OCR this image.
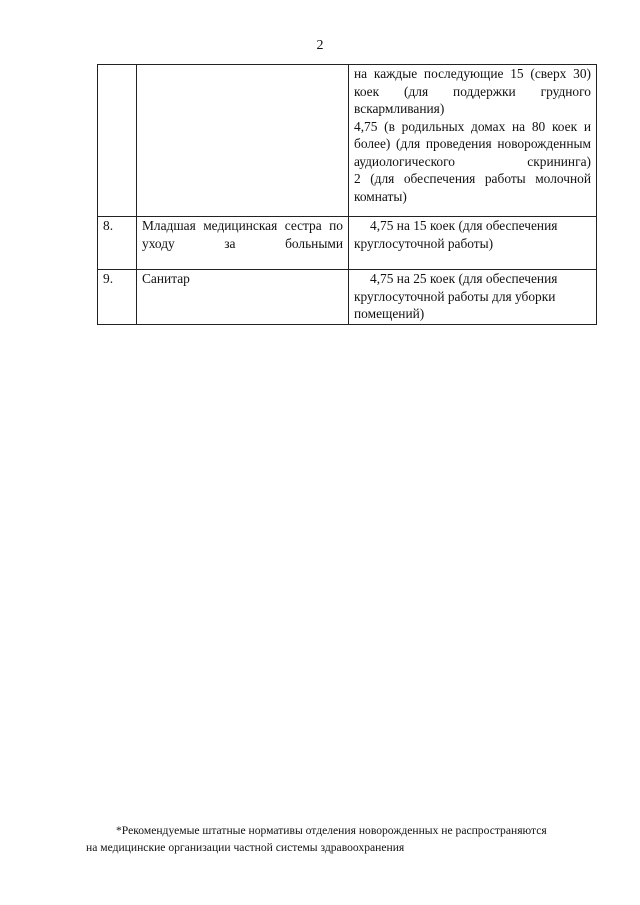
2

		на каждые последующие 15 (сверх 30) коек (для поддержки грудного вскармливания)
4,75 (в родильных домах на 80 коек и более) (для проведения новорожденным аудиологического скрининга)
2 (для обеспечения работы молочной комнаты)

8.	Младшая медицинская сестра по уходу за больными	4,75 на 15 коек (для обеспечения круглосуточной работы)

9.	Санитар	4,75 на 25 коек (для обеспечения круглосуточной работы для уборки помещений)
*Рекомендуемые штатные нормативы отделения новорожденных не распространяются
на медицинские организации частной системы здравоохранения
